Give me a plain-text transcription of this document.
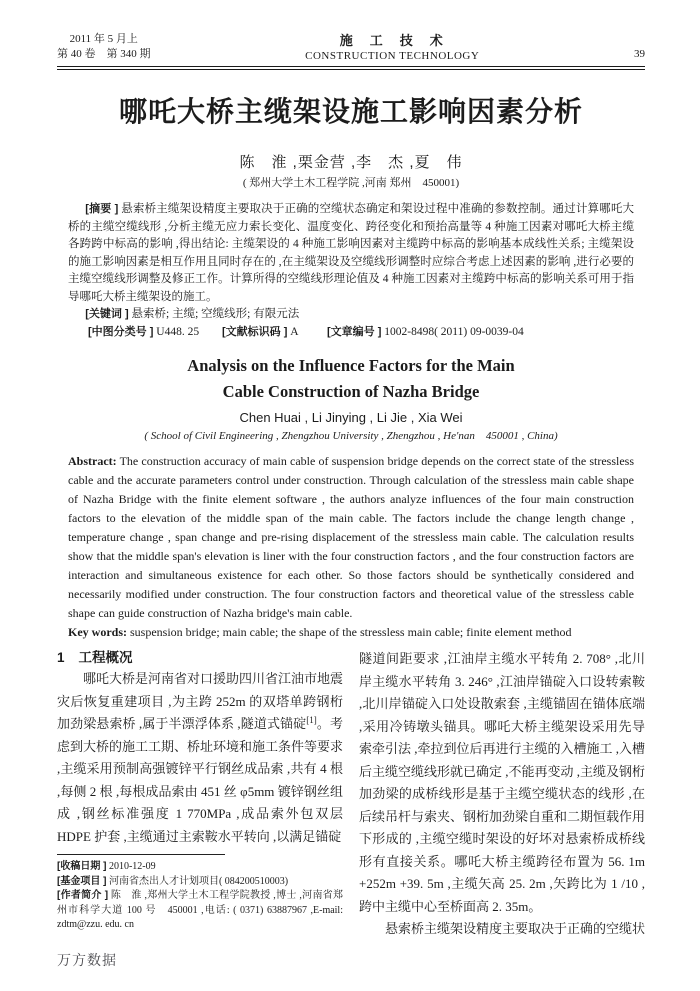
2011 年 5 月上
第 40 卷　第 340 期
施　工　技　术
CONSTRUCTION TECHNOLOGY	39
哪吒大桥主缆架设施工影响因素分析
陈　淮 ,栗金营 ,李　杰 ,夏　伟
( 郑州大学土木工程学院 ,河南 郑州　450001)
[摘要 ] 悬索桥主缆架设精度主要取决于正确的空缆状态确定和架设过程中准确的参数控制。通过计算哪吒大桥的主缆空缆线形 ,分析主缆无应力索长变化、温度变化、跨径变化和预抬高量等 4 种施工因素对哪吒大桥主缆各跨跨中标高的影响 ,得出结论: 主缆架设的 4 种施工影响因素对主缆跨中标高的影响基本成线性关系; 主缆架设的施工影响因素是相互作用且同时存在的 ,在主缆架设及空缆线形调整时应综合考虑上述因素的影响 ,进行必要的主缆空缆线形调整及修正工作。计算所得的空缆线形理论值及 4 种施工因素对主缆跨中标高的影响关系可用于指导哪吒大桥主缆架设的施工。
[关键词 ] 悬索桥; 主缆; 空缆线形; 有限元法
[中图分类号 ] U448. 25	[文献标识码 ] A	[文章编号 ] 1002-8498( 2011) 09-0039-04
Analysis on the Influence Factors for the Main
Cable Construction of Nazha Bridge
Chen Huai , Li Jinying , Li Jie , Xia Wei
( School of Civil Engineering , Zhengzhou University , Zhengzhou , He'nan　450001 , China)
Abstract: The construction accuracy of main cable of suspension bridge depends on the correct state of the stressless cable and the accurate parameters control under construction. Through calculation of the stressless main cable shape of Nazha Bridge with the finite element software , the authors analyze influences of the four main construction factors to the elevation of the middle span of the main cable. The factors include the change length change , temperature change , span change and pre-rising displacement of the stressless main cable. The calculation results show that the middle span's elevation is liner with the four construction factors , and the four construction factors are interaction and simultaneous existence for each other. So those factors should be synthetically considered and necessarily modified under construction. The four construction factors and theoretical value of the stressless cable shape can guide construction of Nazha bridge's main cable.
Key words: suspension bridge; main cable; the shape of the stressless main cable; finite element method
1 工程概况
哪吒大桥是河南省对口援助四川省江油市地震灾后恢复重建项目 ,为主跨 252m 的双塔单跨钢桁加劲梁悬索桥 ,属于半漂浮体系 ,隧道式锚碇[1]。考虑到大桥的施工工期、桥址环境和施工条件等要求 ,主缆采用预制高强镀锌平行钢丝成品索 ,共有 4 根 ,每侧 2 根 ,每根成品索由 451 丝 φ5mm 镀锌钢丝组成 ,钢丝标准强度 1 770MPa ,成品索外包双层 HDPE 护套 ,主缆通过主索鞍水平转向 ,以满足锚碇
[收稿日期 ] 2010-12-09
[基金项目 ] 河南省杰出人才计划项目( 084200510003)
[作者简介 ] 陈　淮 ,郑州大学土木工程学院教授 ,博士 ,河南省郑州市科学大道 100 号　450001 ,电话: ( 0371) 63887967 ,E-mail: zdtm@zzu. edu. cn
隧道间距要求 ,江油岸主缆水平转角 2. 708° ,北川岸主缆水平转角 3. 246° ,江油岸锚碇入口设转索鞍 ,北川岸锚碇入口处设散索套 ,主缆锚固在锚体底端 ,采用冷铸墩头锚具。哪吒大桥主缆架设采用先导索牵引法 ,牵拉到位后再进行主缆的入槽施工 ,入槽后主缆空缆线形就已确定 ,不能再变动 ,主缆及钢桁加劲梁的成桥线形是基于主缆空缆状态的线形 ,在后续吊杆与索夹、钢桁加劲梁自重和二期恒载作用下形成的 ,主缆空缆时架设的好坏对悬索桥成桥线形有直接关系。哪吒大桥主缆跨径布置为 56. 1m +252m +39. 5m ,主缆矢高 25. 2m ,矢跨比为 1 /10 ,跨中主缆中心至桥面高 2. 35m。
悬索桥主缆架设精度主要取决于正确的空缆状
万方数据
